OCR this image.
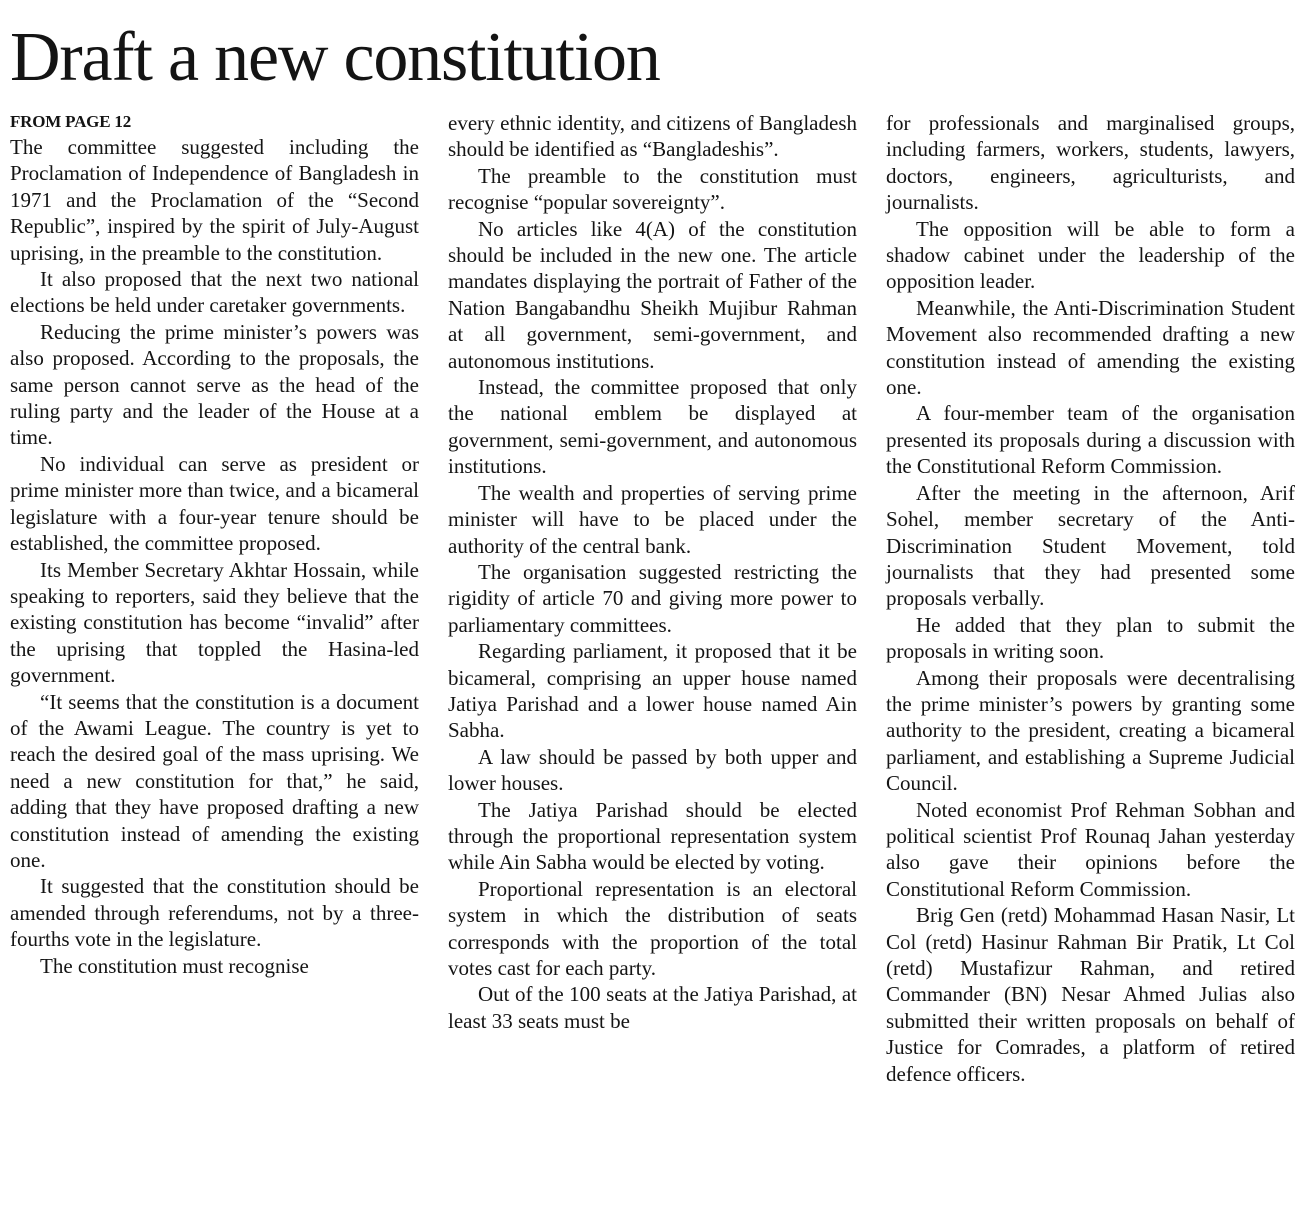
Draft a new constitution
FROM PAGE 12

The committee suggested including the Proclamation of Independence of Bangladesh in 1971 and the Proclamation of the “Second Republic”, inspired by the spirit of July-August uprising, in the preamble to the constitution.

It also proposed that the next two national elections be held under caretaker governments.

Reducing the prime minister’s powers was also proposed. According to the proposals, the same person cannot serve as the head of the ruling party and the leader of the House at a time.

No individual can serve as president or prime minister more than twice, and a bicameral legislature with a four-year tenure should be established, the committee proposed.

Its Member Secretary Akhtar Hossain, while speaking to reporters, said they believe that the existing constitution has become “invalid” after the uprising that toppled the Hasina-led government.

“It seems that the constitution is a document of the Awami League. The country is yet to reach the desired goal of the mass uprising. We need a new constitution for that,” he said, adding that they have proposed drafting a new constitution instead of amending the existing one.

It suggested that the constitution should be amended through referendums, not by a three-fourths vote in the legislature.

The constitution must recognise

every ethnic identity, and citizens of Bangladesh should be identified as “Bangladeshis”.

The preamble to the constitution must recognise “popular sovereignty”.

No articles like 4(A) of the constitution should be included in the new one. The article mandates displaying the portrait of Father of the Nation Bangabandhu Sheikh Mujibur Rahman at all government, semi-government, and autonomous institutions.

Instead, the committee proposed that only the national emblem be displayed at government, semi-government, and autonomous institutions.

The wealth and properties of serving prime minister will have to be placed under the authority of the central bank.

The organisation suggested restricting the rigidity of article 70 and giving more power to parliamentary committees.

Regarding parliament, it proposed that it be bicameral, comprising an upper house named Jatiya Parishad and a lower house named Ain Sabha.

A law should be passed by both upper and lower houses.

The Jatiya Parishad should be elected through the proportional representation system while Ain Sabha would be elected by voting.

Proportional representation is an electoral system in which the distribution of seats corresponds with the proportion of the total votes cast for each party.

Out of the 100 seats at the Jatiya Parishad, at least 33 seats must be

for professionals and marginalised groups, including farmers, workers, students, lawyers, doctors, engineers, agriculturists, and journalists.

The opposition will be able to form a shadow cabinet under the leadership of the opposition leader.

Meanwhile, the Anti-Discrimination Student Movement also recommended drafting a new constitution instead of amending the existing one.

A four-member team of the organisation presented its proposals during a discussion with the Constitutional Reform Commission.

After the meeting in the afternoon, Arif Sohel, member secretary of the Anti-Discrimination Student Movement, told journalists that they had presented some proposals verbally.

He added that they plan to submit the proposals in writing soon.

Among their proposals were decentralising the prime minister’s powers by granting some authority to the president, creating a bicameral parliament, and establishing a Supreme Judicial Council.

Noted economist Prof Rehman Sobhan and political scientist Prof Rounaq Jahan yesterday also gave their opinions before the Constitutional Reform Commission.

Brig Gen (retd) Mohammad Hasan Nasir, Lt Col (retd) Hasinur Rahman Bir Pratik, Lt Col (retd) Mustafizur Rahman, and retired Commander (BN) Nesar Ahmed Julias also submitted their written proposals on behalf of Justice for Comrades, a platform of retired defence officers.
